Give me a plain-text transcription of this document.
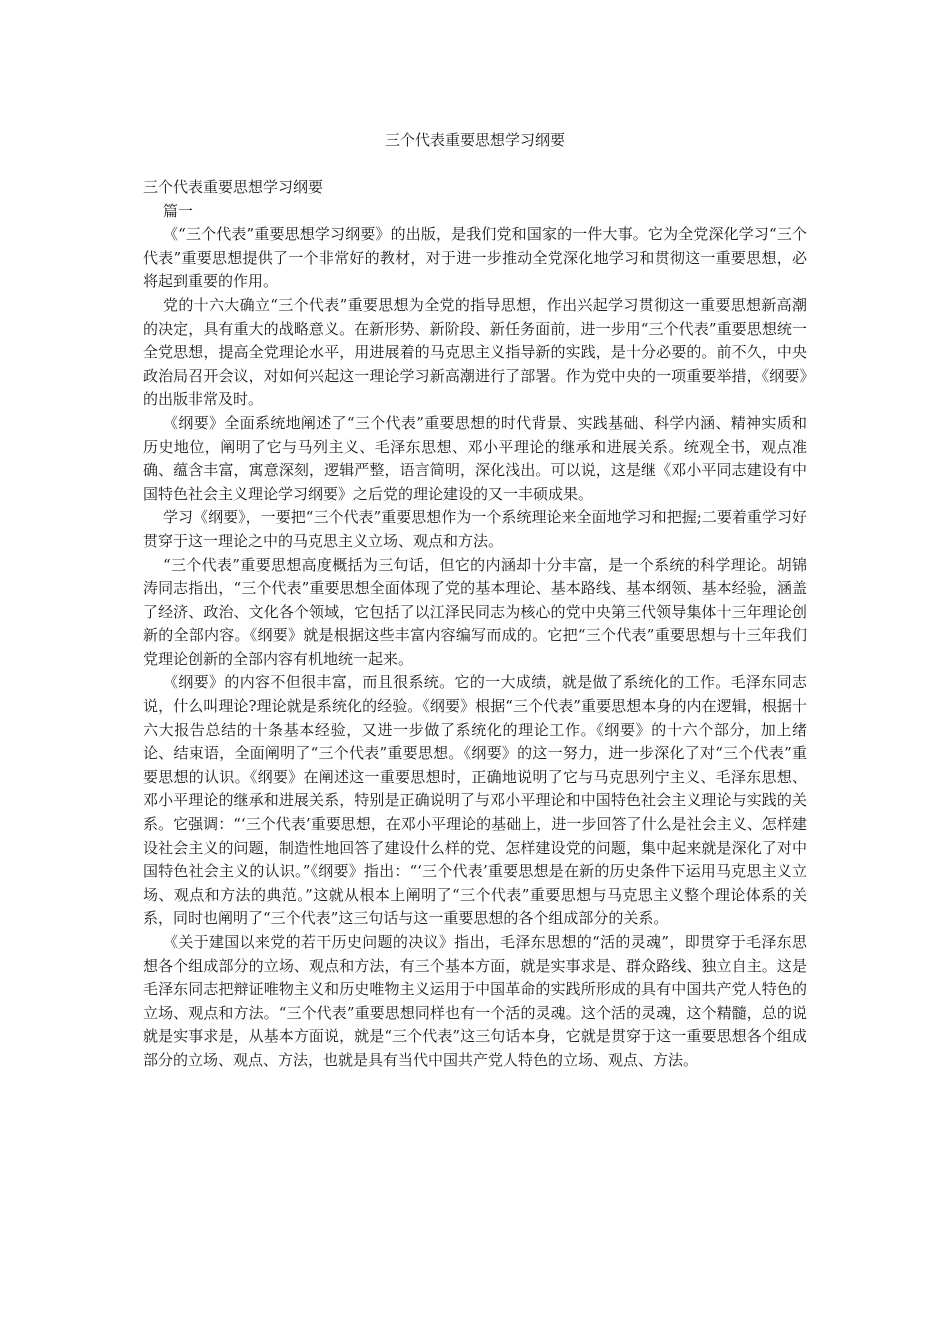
三个代表重要思想学习纲要

三个代表重要思想学习纲要

篇一

《“三个代表”重要思想学习纲要》的出版，是我们党和国家的一件大事。它为全党深化学习“三个代表”重要思想提供了一个非常好的教材，对于进一步推动全党深化地学习和贯彻这一重要思想，必将起到重要的作用。

党的十六大确立“三个代表”重要思想为全党的指导思想，作出兴起学习贯彻这一重要思想新高潮的决定，具有重大的战略意义。在新形势、新阶段、新任务面前，进一步用“三个代表”重要思想统一全党思想，提高全党理论水平，用进展着的马克思主义指导新的实践，是十分必要的。前不久，中央政治局召开会议，对如何兴起这一理论学习新高潮进行了部署。作为党中央的一项重要举措，《纲要》的出版非常及时。

《纲要》全面系统地阐述了“三个代表”重要思想的时代背景、实践基础、科学内涵、精神实质和历史地位，阐明了它与马列主义、毛泽东思想、邓小平理论的继承和进展关系。统观全书，观点准确、蕴含丰富，寓意深刻，逻辑严整，语言简明，深化浅出。可以说，这是继《邓小平同志建设有中国特色社会主义理论学习纲要》之后党的理论建设的又一丰硕成果。

学习《纲要》，一要把“三个代表”重要思想作为一个系统理论来全面地学习和把握;二要着重学习好贯穿于这一理论之中的马克思主义立场、观点和方法。

“三个代表”重要思想高度概括为三句话，但它的内涵却十分丰富，是一个系统的科学理论。胡锦涛同志指出，“三个代表”重要思想全面体现了党的基本理论、基本路线、基本纲领、基本经验，涵盖了经济、政治、文化各个领域，它包括了以江泽民同志为核心的党中央第三代领导集体十三年理论创新的全部内容。《纲要》就是根据这些丰富内容编写而成的。它把“三个代表”重要思想与十三年我们党理论创新的全部内容有机地统一起来。

《纲要》的内容不但很丰富，而且很系统。它的一大成绩，就是做了系统化的工作。毛泽东同志说，什么叫理论?理论就是系统化的经验。《纲要》根据“三个代表”重要思想本身的内在逻辑，根据十六大报告总结的十条基本经验，又进一步做了系统化的理论工作。《纲要》的十六个部分，加上绪论、结束语，全面阐明了“三个代表”重要思想。《纲要》的这一努力，进一步深化了对“三个代表”重要思想的认识。《纲要》在阐述这一重要思想时，正确地说明了它与马克思列宁主义、毛泽东思想、邓小平理论的继承和进展关系，特别是正确说明了与邓小平理论和中国特色社会主义理论与实践的关系。它强调：“‘三个代表’重要思想，在邓小平理论的基础上，进一步回答了什么是社会主义、怎样建设社会主义的问题，制造性地回答了建设什么样的党、怎样建设党的问题，集中起来就是深化了对中国特色社会主义的认识。”《纲要》指出：“‘三个代表’重要思想是在新的历史条件下运用马克思主义立场、观点和方法的典范。”这就从根本上阐明了“三个代表”重要思想与马克思主义整个理论体系的关系，同时也阐明了“三个代表”这三句话与这一重要思想的各个组成部分的关系。

《关于建国以来党的若干历史问题的决议》指出，毛泽东思想的“活的灵魂”，即贯穿于毛泽东思想各个组成部分的立场、观点和方法，有三个基本方面，就是实事求是、群众路线、独立自主。这是毛泽东同志把辩证唯物主义和历史唯物主义运用于中国革命的实践所形成的具有中国共产党人特色的立场、观点和方法。“三个代表”重要思想同样也有一个活的灵魂。这个活的灵魂，这个精髓，总的说就是实事求是，从基本方面说，就是“三个代表”这三句话本身，它就是贯穿于这一重要思想各个组成部分的立场、观点、方法，也就是具有当代中国共产党人特色的立场、观点、方法。
